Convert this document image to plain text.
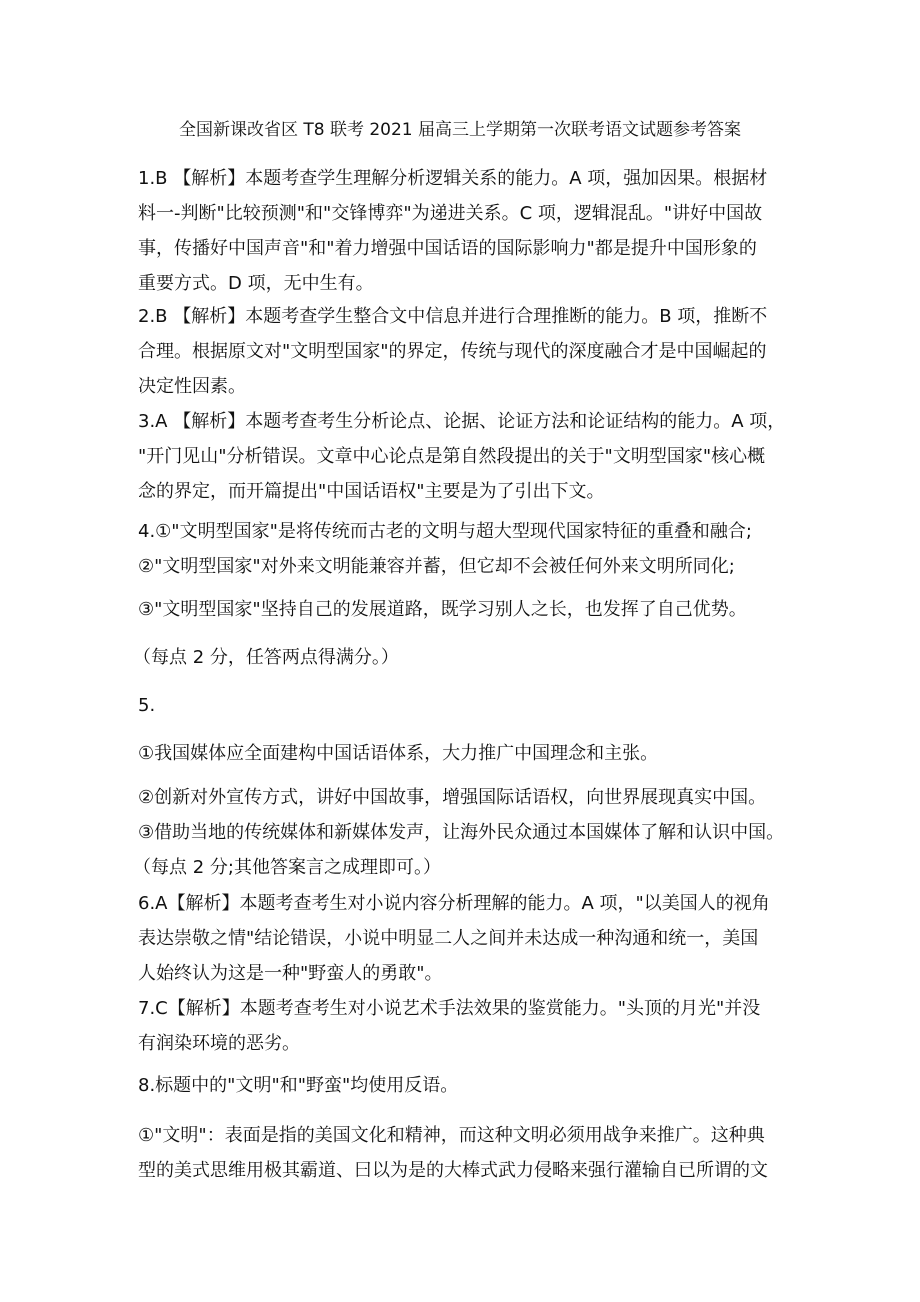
全国新课改省区 T8 联考 2021 届高三上学期第一次联考语文试题参考答案

1.B 【解析】本题考查学生理解分析逻辑关系的能力。A 项，强加因果。根据材

料一-判断"比较预测"和"交锋博弈"为递进关系。C 项，逻辑混乱。"讲好中国故

事，传播好中国声音"和"着力增强中国话语的国际影响力"都是提升中国形象的

重要方式。D 项，无中生有。

2.B 【解析】本题考查学生整合文中信息并进行合理推断的能力。B 项，推断不

合理。根据原文对"文明型国家"的界定，传统与现代的深度融合才是中国崛起的

决定性因素。

3.A 【解析】本题考查考生分析论点、论据、论证方法和论证结构的能力。A 项，

"开门见山"分析错误。文章中心论点是第自然段提出的关于"文明型国家"核心概

念的界定，而开篇提出"中国话语权"主要是为了引出下文。

4.①"文明型国家"是将传统而古老的文明与超大型现代国家特征的重叠和融合;

②"文明型国家"对外来文明能兼容并蓄，但它却不会被任何外来文明所同化;

③"文明型国家"坚持自己的发展道路，既学习别人之长，也发挥了自己优势。

（每点 2 分，任答两点得满分。）

5.

①我国媒体应全面建构中国话语体系，大力推广中国理念和主张。

②创新对外宣传方式，讲好中国故事，增强国际话语权，向世界展现真实中国。

③借助当地的传统媒体和新媒体发声，让海外民众通过本国媒体了解和认识中国。

（每点 2 分;其他答案言之成理即可。）

6.A【解析】本题考查考生对小说内容分析理解的能力。A 项，"以美国人的视角

表达崇敬之情"结论错误，小说中明显二人之间并未达成一种沟通和统一，美国

人始终认为这是一种"野蛮人的勇敢"。

7.C【解析】本题考查考生对小说艺术手法效果的鉴赏能力。"头顶的月光"并没

有润染环境的恶劣。

8.标题中的"文明"和"野蛮"均使用反语。

①"文明"：表面是指的美国文化和精神，而这种文明必须用战争来推广。这种典

型的美式思维用极其霸道、曰以为是的大棒式武力侵略来强行灌输自已所谓的文
